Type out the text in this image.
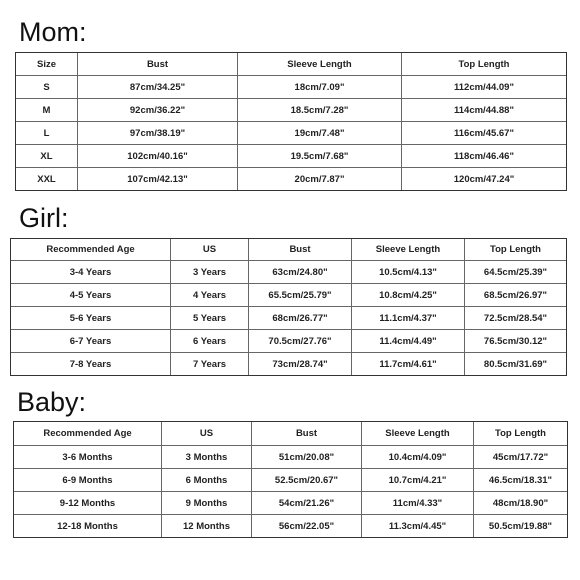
Mom:
Size	Bust	Sleeve Length	Top Length
S	87cm/34.25"	18cm/7.09"	112cm/44.09"
M	92cm/36.22"	18.5cm/7.28"	114cm/44.88"
L	97cm/38.19"	19cm/7.48"	116cm/45.67"
XL	102cm/40.16"	19.5cm/7.68"	118cm/46.46"
XXL	107cm/42.13"	20cm/7.87"	120cm/47.24"
Girl:
Recommended Age	US	Bust	Sleeve Length	Top Length
3-4 Years	3 Years	63cm/24.80"	10.5cm/4.13"	64.5cm/25.39"
4-5 Years	4 Years	65.5cm/25.79"	10.8cm/4.25"	68.5cm/26.97"
5-6 Years	5 Years	68cm/26.77"	11.1cm/4.37"	72.5cm/28.54"
6-7 Years	6 Years	70.5cm/27.76"	11.4cm/4.49"	76.5cm/30.12"
7-8 Years	7 Years	73cm/28.74"	11.7cm/4.61"	80.5cm/31.69"
Baby:
Recommended Age	US	Bust	Sleeve Length	Top Length
3-6 Months	3 Months	51cm/20.08"	10.4cm/4.09"	45cm/17.72"
6-9 Months	6 Months	52.5cm/20.67"	10.7cm/4.21"	46.5cm/18.31"
9-12 Months	9 Months	54cm/21.26"	11cm/4.33"	48cm/18.90"
12-18 Months	12 Months	56cm/22.05"	11.3cm/4.45"	50.5cm/19.88"
